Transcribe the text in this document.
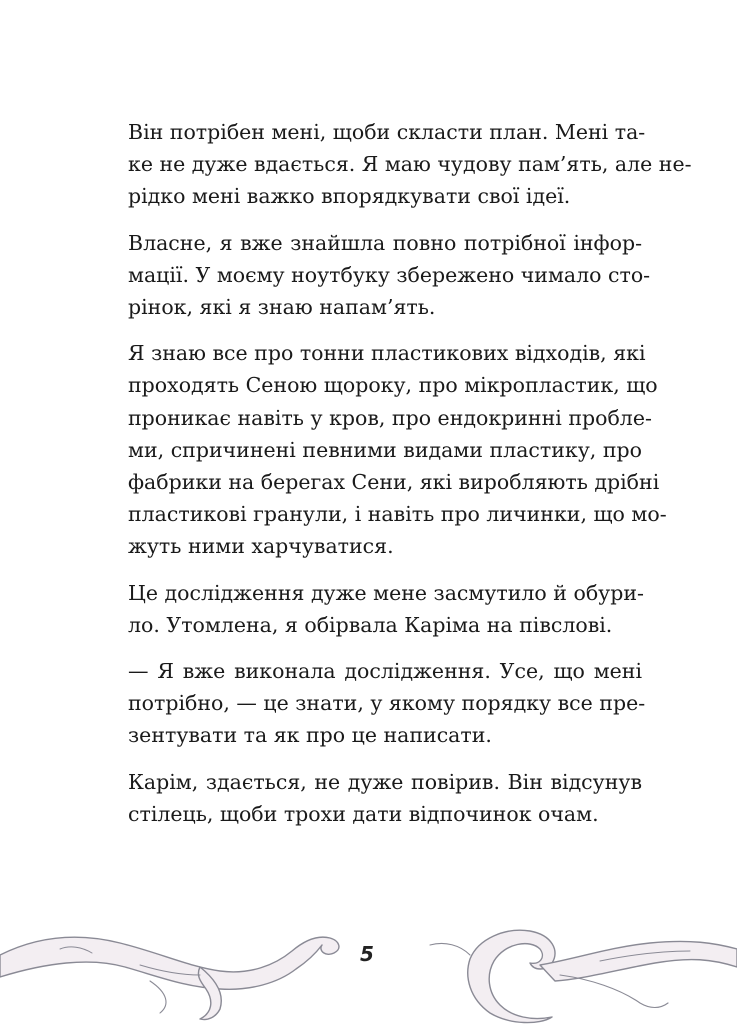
Він потрібен мені, щоби скласти план. Мені та-
ке не дуже вдається. Я маю чудову пам’ять, але не-
рідко мені важко впорядкувати свої ідеї.

Власне, я вже знайшла повно потрібної інфор-
мації. У моєму ноутбуку збережено чимало сто-
рінок, які я знаю напам’ять.

Я знаю все про тонни пластикових відходів, які
проходять Сеною щороку, про мікропластик, що
проникає навіть у кров, про ендокринні пробле-
ми, спричинені певними видами пластику, про
фабрики на берегах Сени, які виробляють дрібні
пластикові гранули, і навіть про личинки, що мо-
жуть ними харчуватися.

Це дослідження дуже мене засмутило й обури-
ло. Утомлена, я обірвала Каріма на півслові.

— Я вже виконала дослідження. Усе, що мені
потрібно, — це знати, у якому порядку все пре-
зентувати та як про це написати.

Карім, здається, не дуже повірив. Він відсунув
стілець, щоби трохи дати відпочинок очам.

5
